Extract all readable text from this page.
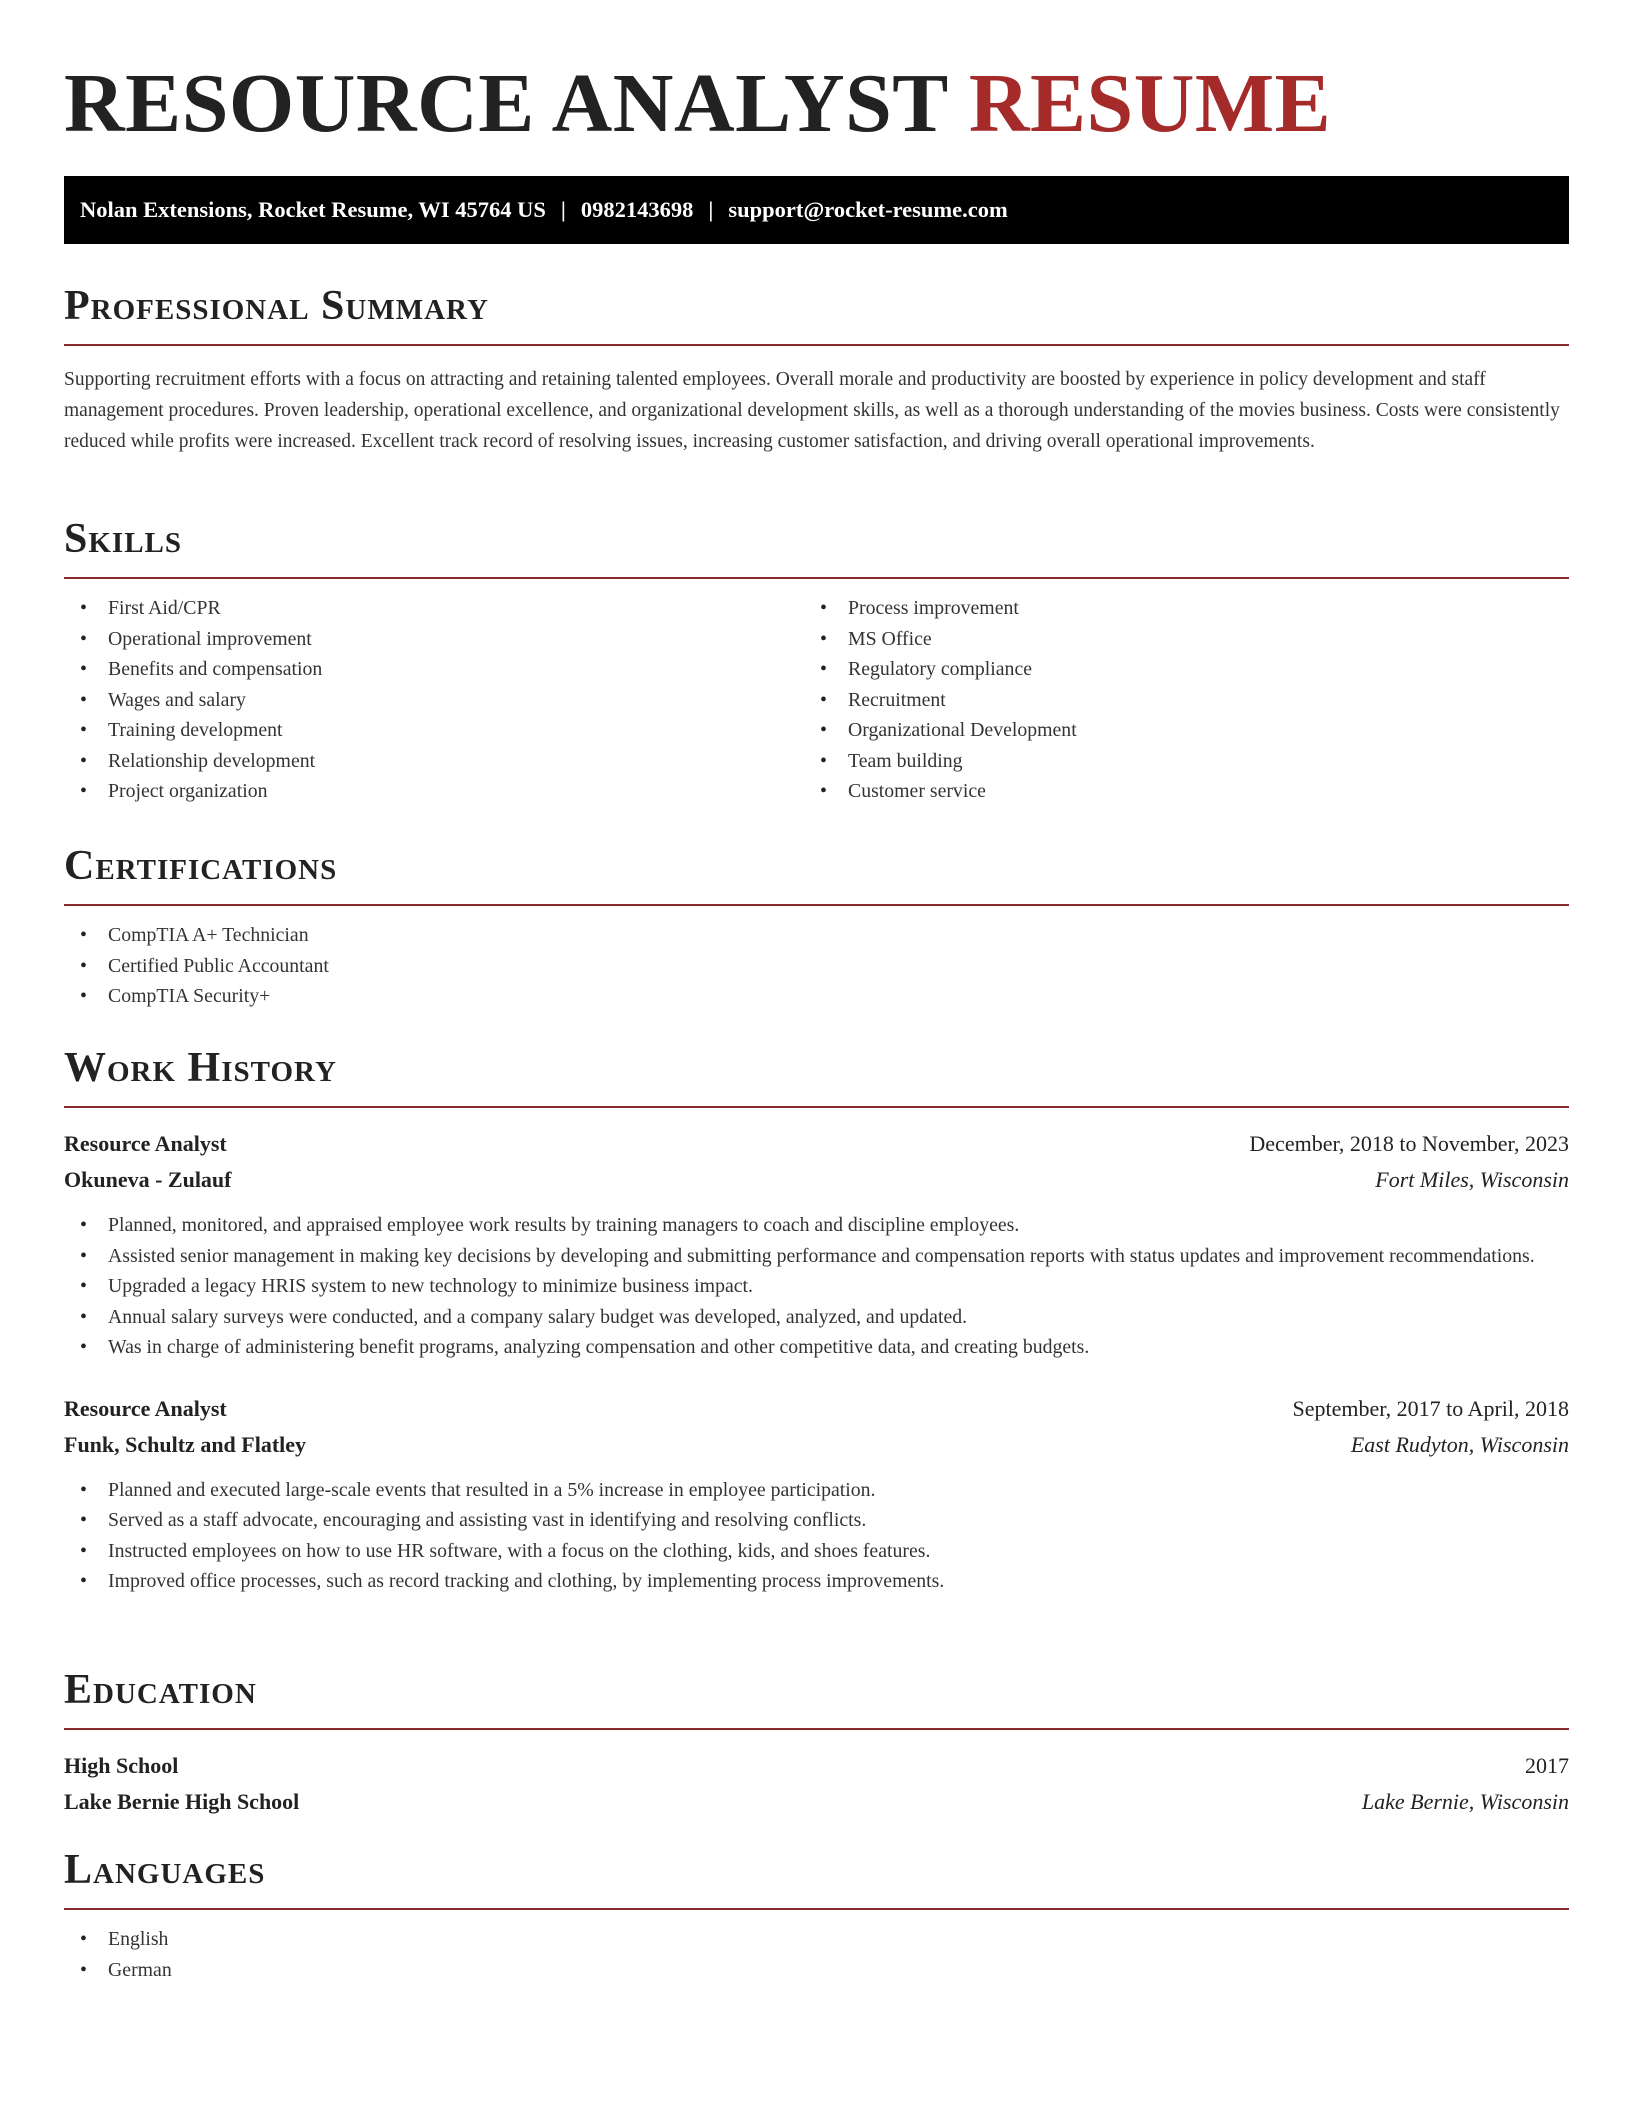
RESOURCE ANALYST RESUME
Nolan Extensions, Rocket Resume, WI 45764 US | 0982143698 | support@rocket-resume.com
Professional Summary

Supporting recruitment efforts with a focus on attracting and retaining talented employees. Overall morale and productivity are boosted by experience in policy development and staff management procedures. Proven leadership, operational excellence, and organizational development skills, as well as a thorough understanding of the movies business. Costs were consistently reduced while profits were increased. Excellent track record of resolving issues, increasing customer satisfaction, and driving overall operational improvements.

Skills
• First Aid/CPR
• Operational improvement
• Benefits and compensation
• Wages and salary
• Training development
• Relationship development
• Project organization
• Process improvement
• MS Office
• Regulatory compliance
• Recruitment
• Organizational Development
• Team building
• Customer service
Certifications
• CompTIA A+ Technician
• Certified Public Accountant
• CompTIA Security+
Work History
Resource Analyst	December, 2018 to November, 2023
Okuneva - Zulauf	Fort Miles, Wisconsin
• Planned, monitored, and appraised employee work results by training managers to coach and discipline employees.
• Assisted senior management in making key decisions by developing and submitting performance and compensation reports with status updates and improvement recommendations.
• Upgraded a legacy HRIS system to new technology to minimize business impact.
• Annual salary surveys were conducted, and a company salary budget was developed, analyzed, and updated.
• Was in charge of administering benefit programs, analyzing compensation and other competitive data, and creating budgets.
Resource Analyst	September, 2017 to April, 2018
Funk, Schultz and Flatley	East Rudyton, Wisconsin
• Planned and executed large-scale events that resulted in a 5% increase in employee participation.
• Served as a staff advocate, encouraging and assisting vast in identifying and resolving conflicts.
• Instructed employees on how to use HR software, with a focus on the clothing, kids, and shoes features.
• Improved office processes, such as record tracking and clothing, by implementing process improvements.
Education
High School	2017
Lake Bernie High School	Lake Bernie, Wisconsin
Languages
• English
• German
